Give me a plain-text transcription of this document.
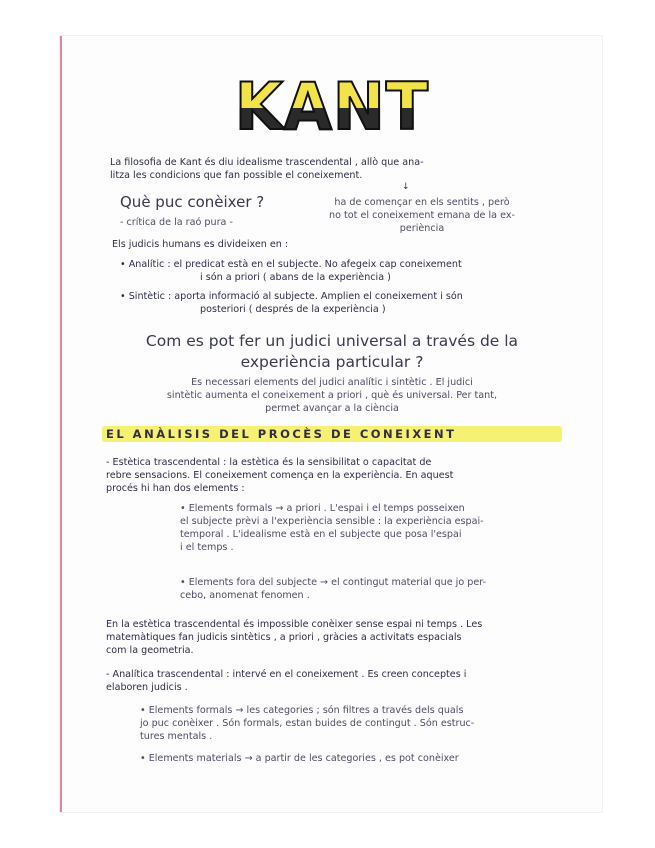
KANT
La filosofia de Kant és diu idealisme trascendental , allò que ana-
litza les condicions que fan possible el coneixement.
↓
Què puc conèixer ?
- crítica de la raó pura -
ha de començar en els sentits , però
no tot el coneixement emana de la ex-
periència
Els judicis humans es divideixen en :
• Analític : el predicat està en el subjecte. No afegeix cap coneixement
i són a priori ( abans de la experiència )
• Sintètic : aporta informació al subjecte. Amplien el coneixement i són
posteriori ( després de la experiència )
Com es pot fer un judici universal a través de la
experiència particular ?
Es necessari elements del judici analític i sintètic . El judici
sintètic aumenta el coneixement a priori , què és universal. Per tant,
permet avançar a la ciència
EL ANÀLISIS DEL PROCÈS DE CONEIXENT
- Estètica trascendental : la estètica és la sensibilitat o capacitat de
rebre sensacions. El coneixement comença en la experiència. En aquest
procés hi han dos elements :
• Elements formals → a priori . L'espai i el temps posseixen
el subjecte prèvi a l'experiència sensible : la experiència espai-
temporal . L'idealisme està en el subjecte que posa l'espai
i el temps .
• Elements fora del subjecte → el contingut material que jo per-
cebo, anomenat fenomen .
En la estètica trascendental és impossible conèixer sense espai ni temps . Les
matemàtiques fan judicis sintètics , a priori , gràcies a activitats espacials
com la geometria.
- Analítica trascendental : intervé en el coneixement . Es creen conceptes i
elaboren judicis .
• Elements formals → les categories ; són filtres a través dels quals
jo puc conèixer . Són formals, estan buides de contingut . Són estruc-
tures mentals .
• Elements materials → a partir de les categories , es pot conèixer
